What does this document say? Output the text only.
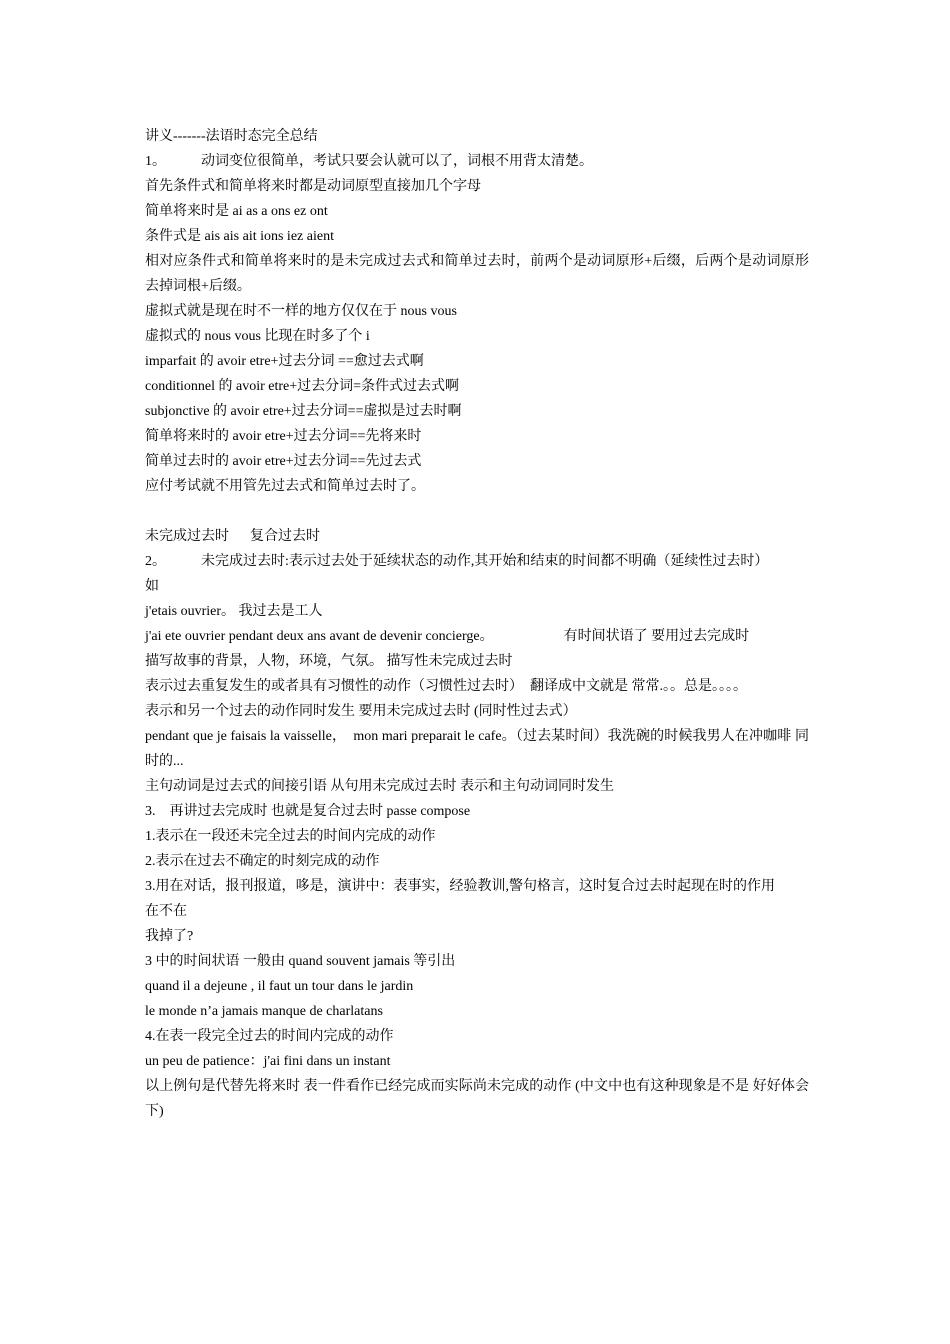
讲义-------法语时态完全总结

1。          动词变位很简单，考试只要会认就可以了，词根不用背太清楚。

首先条件式和简单将来时都是动词原型直接加几个字母

简单将来时是 ai as a ons ez ont

条件式是 ais ais ait ions iez aient

相对应条件式和简单将来时的是未完成过去式和简单过去时，前两个是动词原形+后缀，后两个是动词原形去掉词根+后缀。

虚拟式就是现在时不一样的地方仅仅在于 nous vous

虚拟式的 nous vous 比现在时多了个 i

imparfait 的 avoir etre+过去分词 ==愈过去式啊

conditionnel 的 avoir etre+过去分词=条件式过去式啊

subjonctive 的 avoir etre+过去分词==虚拟是过去时啊

简单将来时的 avoir etre+过去分词==先将来时

简单过去时的 avoir etre+过去分词==先过去式

应付考试就不用管先过去式和简单过去时了。

未完成过去时      复合过去时

2。          未完成过去时:表示过去处于延续状态的动作,其开始和结束的时间都不明确（延续性过去时）

如

j'etais ouvrier。 我过去是工人

j'ai ete ouvrier pendant deux ans avant de devenir concierge。                    有时间状语了 要用过去完成时

描写故事的背景，人物，环境，气氛。 描写性未完成过去时

表示过去重复发生的或者具有习惯性的动作（习惯性过去时）  翻译成中文就是 常常.。。总是。。。。

表示和另一个过去的动作同时发生 要用未完成过去时 (同时性过去式）

pendant que je faisais la vaisselle，  mon mari preparait le cafe。（过去某时间）我洗碗的时候我男人在冲咖啡 同时的...

主句动词是过去式的间接引语 从句用未完成过去时 表示和主句动词同时发生

3.    再讲过去完成时 也就是复合过去时 passe compose

1.表示在一段还未完全过去的时间内完成的动作

2.表示在过去不确定的时刻完成的动作

3.用在对话，报刊报道，哆是，演讲中：表事实，经验教训,警句格言，这时复合过去时起现在时的作用

在不在

我掉了?

3 中的时间状语 一般由 quand souvent jamais 等引出

quand il a dejeune , il faut un tour dans le jardin

le monde n’a jamais manque de charlatans

4.在表一段完全过去的时间内完成的动作

un peu de patience：j'ai fini dans un instant

以上例句是代替先将来时 表一件看作已经完成而实际尚未完成的动作 (中文中也有这种现象是不是 好好体会下)
